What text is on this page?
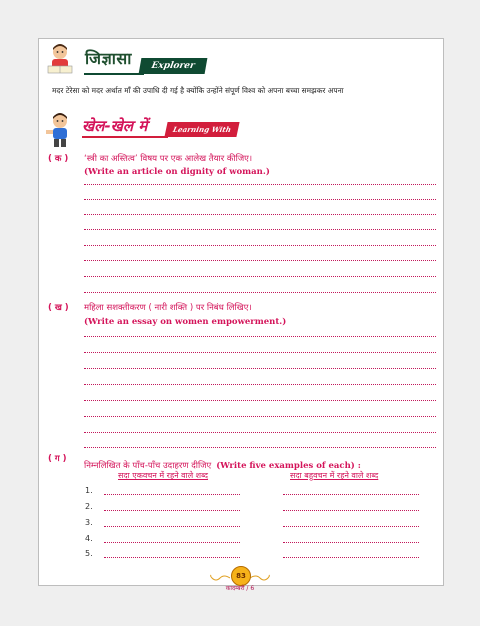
जिज्ञासा	Explorer
मदर टेरेसा को मदर अर्थात माँ की उपाधि दी गई है क्योंकि उन्होंने संपूर्ण विश्व को अपना बच्चा समझकर अपना
खेल-खेल में	Learning With Fun
( क ) ‘स्त्री का अस्तित्व’ विषय पर एक आलेख तैयार कीजिए।
(Write an article on dignity of woman.)
( ख ) महिला सशक्तीकरण ( नारी शक्ति ) पर निबंध लिखिए।
(Write an essay on women empowerment.)
( ग )
निम्नलिखित के पाँच-पाँच उदाहरण दीजिए (Write five examples of each) :
सदा एकवचन में रहने वाले शब्द	सदा बहुवचन में रहने वाले शब्द
1.
2.
3.
4.
5.
83
कादम्बरी / 6
